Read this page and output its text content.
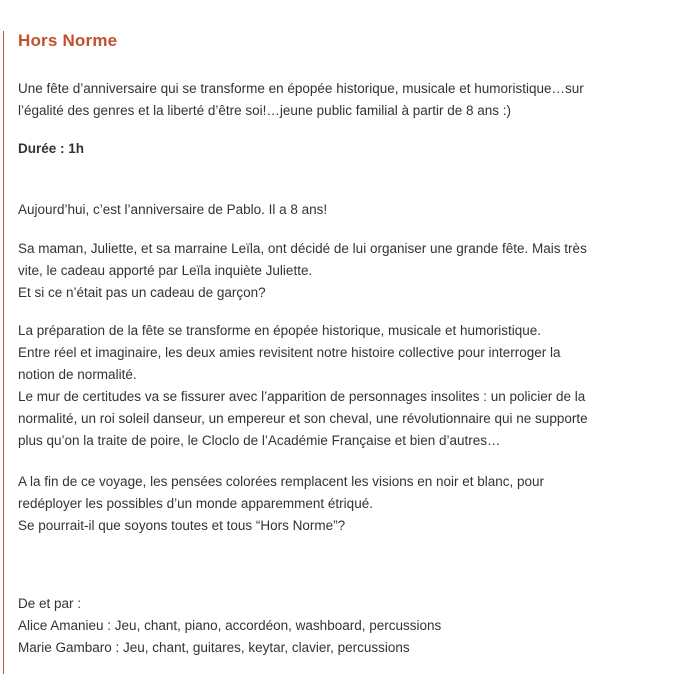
Hors Norme

Une fête d’anniversaire qui se transforme en épopée historique, musicale et humoristique…sur
l’égalité des genres et la liberté d’être soi!…jeune public familial à partir de 8 ans :)

Durée : 1h

Aujourd’hui, c’est l’anniversaire de Pablo. Il a 8 ans!

Sa maman, Juliette, et sa marraine Leïla, ont décidé de lui organiser une grande fête. Mais très
vite, le cadeau apporté par Leïla inquiète Juliette.
Et si ce n’était pas un cadeau de garçon?

La préparation de la fête se transforme en épopée historique, musicale et humoristique.
Entre réel et imaginaire, les deux amies revisitent notre histoire collective pour interroger la
notion de normalité.
Le mur de certitudes va se fissurer avec l’apparition de personnages insolites : un policier de la
normalité, un roi soleil danseur, un empereur et son cheval, une révolutionnaire qui ne supporte
plus qu’on la traite de poire, le Cloclo de l’Académie Française et bien d’autres…

A la fin de ce voyage, les pensées colorées remplacent les visions en noir et blanc, pour
redéployer les possibles d’un monde apparemment étriqué.
Se pourrait-il que soyons toutes et tous “Hors Norme”?

De et par :
Alice Amanieu : Jeu, chant, piano, accordéon, washboard, percussions
Marie Gambaro : Jeu, chant, guitares, keytar, clavier, percussions
